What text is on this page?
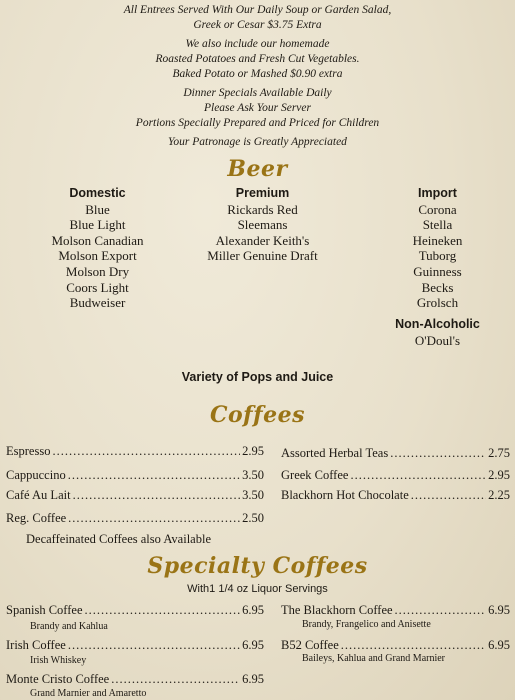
All Entrees Served With Our Daily Soup or Garden Salad,

Greek or Cesar $3.75 Extra

We also include our homemade

Roasted Potatoes and Fresh Cut Vegetables.

Baked Potato or Mashed $0.90 extra

Dinner Specials Available Daily

Please Ask Your Server

Portions Specially Prepared and Priced for Children

Your Patronage is Greatly Appreciated

Beer
Domestic
Blue
Blue Light
Molson Canadian
Molson Export
Molson Dry
Coors Light
Budweiser
Premium
Rickards Red
Sleemans
Alexander Keith's
Miller Genuine Draft
Import
Corona
Stella
Heineken
Tuborg
Guinness
Becks
Grolsch
Non-Alcoholic
O'Doul's
Variety of Pops and Juice
Coffees
Espresso .....	2.95
Cappuccino .....	3.50
Café Au Lait .....	3.50
Reg. Coffee .....	2.50
Assorted Herbal Teas .....	2.75
Greek Coffee .....	2.95
Blackhorn Hot Chocolate .....	2.25
Decaffeinated Coffees also Available
Specialty Coffees
With1 1/4 oz Liquor Servings
Spanish Coffee .....	6.95
Brandy and Kahlua
Irish Coffee .....	6.95
Irish Whiskey
Monte Cristo Coffee .....	6.95
Grand Marnier and Amaretto
The Blackhorn Coffee .....	6.95
Brandy, Frangelico and Anisette
B52 Coffee .....	6.95
Baileys, Kahlua and Grand Marnier
